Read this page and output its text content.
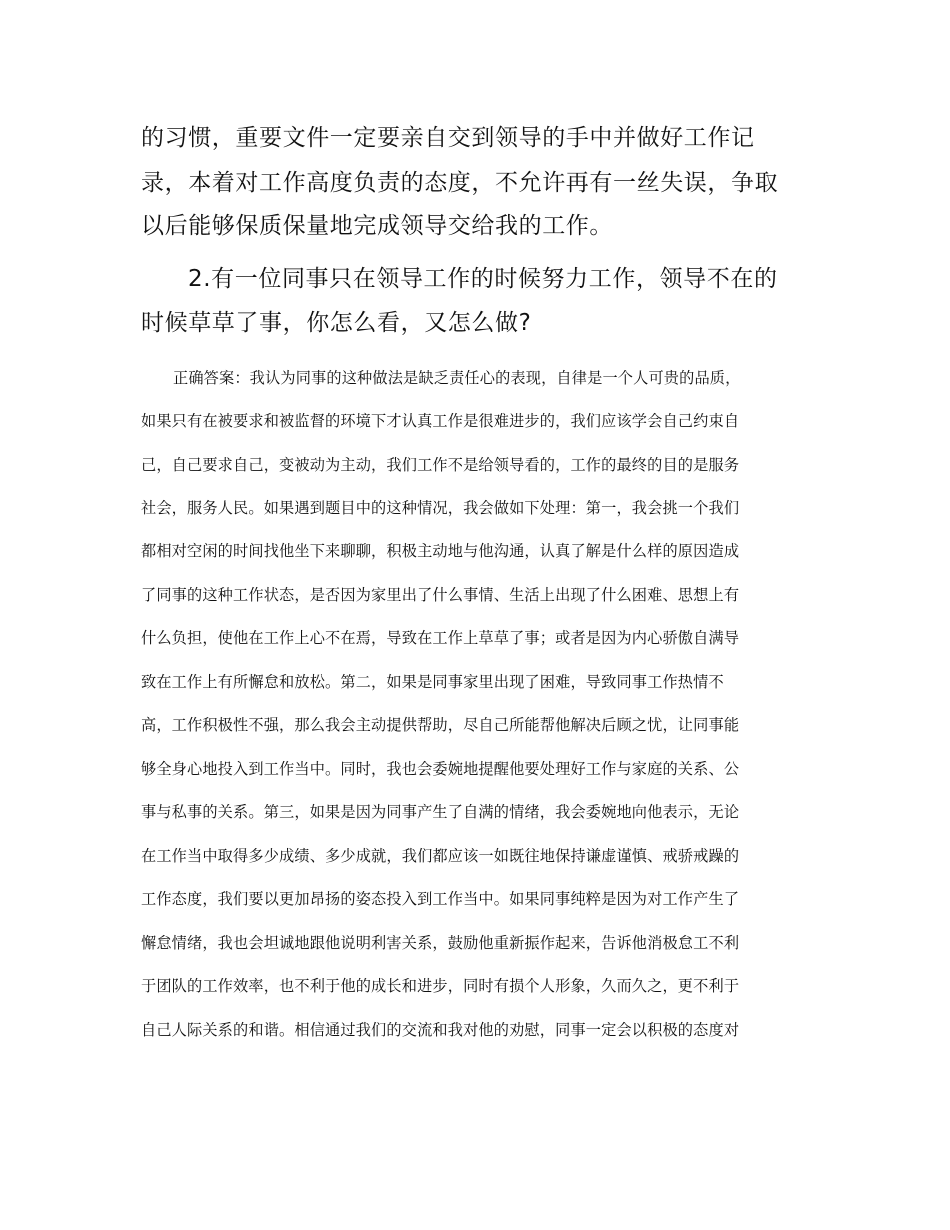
的习惯，重要文件一定要亲自交到领导的手中并做好工作记
录，本着对工作高度负责的态度，不允许再有一丝失误，争取
以后能够保质保量地完成领导交给我的工作。
2.有一位同事只在领导工作的时候努力工作，领导不在的
时候草草了事，你怎么看，又怎么做?
正确答案：我认为同事的这种做法是缺乏责任心的表现，自律是一个人可贵的品质，
如果只有在被要求和被监督的环境下才认真工作是很难进步的，我们应该学会自己约束自
己，自己要求自己，变被动为主动，我们工作不是给领导看的，工作的最终的目的是服务
社会，服务人民。如果遇到题目中的这种情况，我会做如下处理：第一，我会挑一个我们
都相对空闲的时间找他坐下来聊聊，积极主动地与他沟通，认真了解是什么样的原因造成
了同事的这种工作状态，是否因为家里出了什么事情、生活上出现了什么困难、思想上有
什么负担，使他在工作上心不在焉，导致在工作上草草了事；或者是因为内心骄傲自满导
致在工作上有所懈怠和放松。第二，如果是同事家里出现了困难，导致同事工作热情不
高，工作积极性不强，那么我会主动提供帮助，尽自己所能帮他解决后顾之忧，让同事能
够全身心地投入到工作当中。同时，我也会委婉地提醒他要处理好工作与家庭的关系、公
事与私事的关系。第三，如果是因为同事产生了自满的情绪，我会委婉地向他表示，无论
在工作当中取得多少成绩、多少成就，我们都应该一如既往地保持谦虚谨慎、戒骄戒躁的
工作态度，我们要以更加昂扬的姿态投入到工作当中。如果同事纯粹是因为对工作产生了
懈怠情绪，我也会坦诚地跟他说明利害关系，鼓励他重新振作起来，告诉他消极怠工不利
于团队的工作效率，也不利于他的成长和进步，同时有损个人形象，久而久之，更不利于
自己人际关系的和谐。相信通过我们的交流和我对他的劝慰，同事一定会以积极的态度对
